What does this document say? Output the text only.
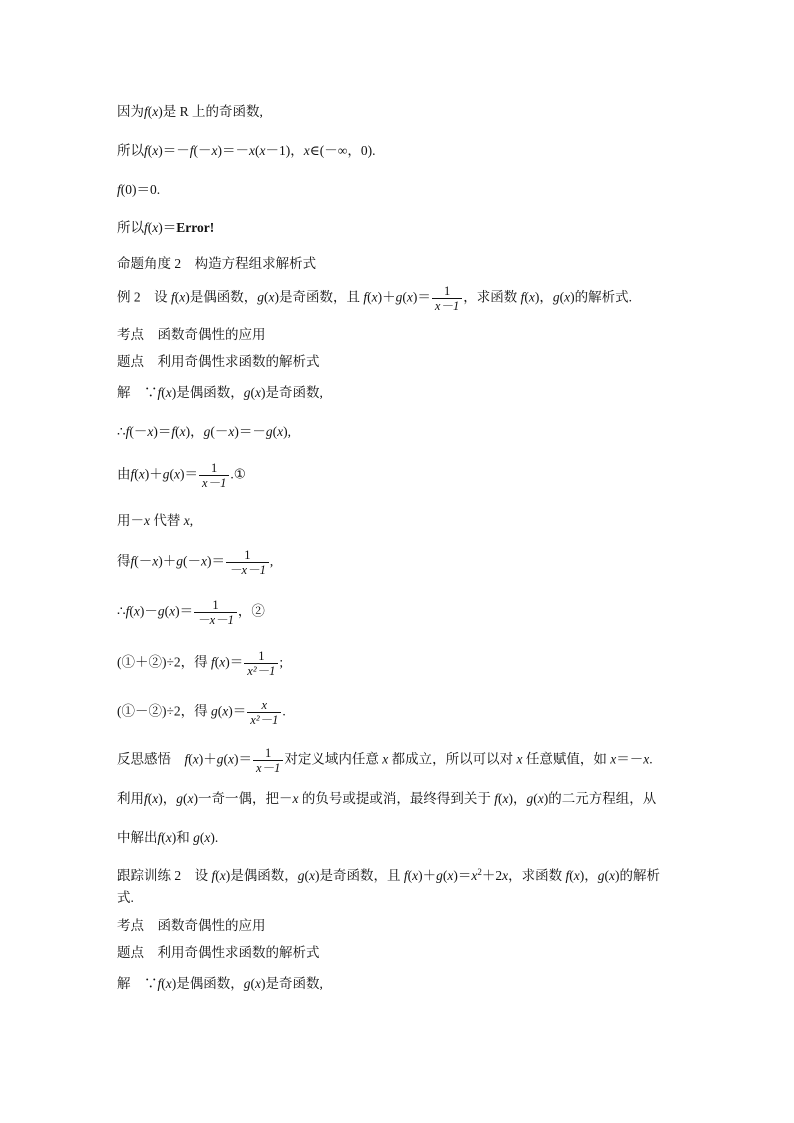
因为f(x)是 R 上的奇函数,
所以f(x)＝－f(－x)＝－x(x－1)，x∈(－∞，0).
f(0)＝0.
所以f(x)＝Error!
命题角度 2　构造方程组求解析式
例 2　设 f(x)是偶函数，g(x)是奇函数，且 $f(x)+g(x)= \frac{1}{x-1}$ ，求函数 f(x)，g(x)的解析式.
考点　函数奇偶性的应用
题点　利用奇偶性求函数的解析式
解　∵f(x)是偶函数，g(x)是奇函数,
∴f(－x)＝f(x)，g(－x)＝－g(x),
由$f(x)+g(x)= \frac{1}{x-1}$ .①
用－x 代替 x,
得$f(-x)+g(-x)= \frac{1}{-x-1}$ ,
∴f(x)－g(x)＝ $\frac{1}{-x-1}$ ，②
(①＋②)÷2，得 $f(x)= \frac{1}{\text{x²－1}}$ ;
(①－②)÷2，得 $g(x)= \frac{x}{\text{x²－1}}$ .
反思感悟　$f(x)+g(x)= \frac{1}{x-1}$ 对定义域内任意 x 都成立，所以可以对 x 任意赋值，如 x＝－x.
利用f(x)，g(x)一奇一偶，把－x 的负号或提或消，最终得到关于 f(x)，g(x)的二元方程组，从
中解出f(x)和 g(x).
跟踪训练 2　设 f(x)是偶函数，g(x)是奇函数，且 $f(x)+g(x)=x^2+2x$，求函数 f(x)，g(x)的解析
式.
考点　函数奇偶性的应用
题点　利用奇偶性求函数的解析式
解　∵f(x)是偶函数，g(x)是奇函数,
